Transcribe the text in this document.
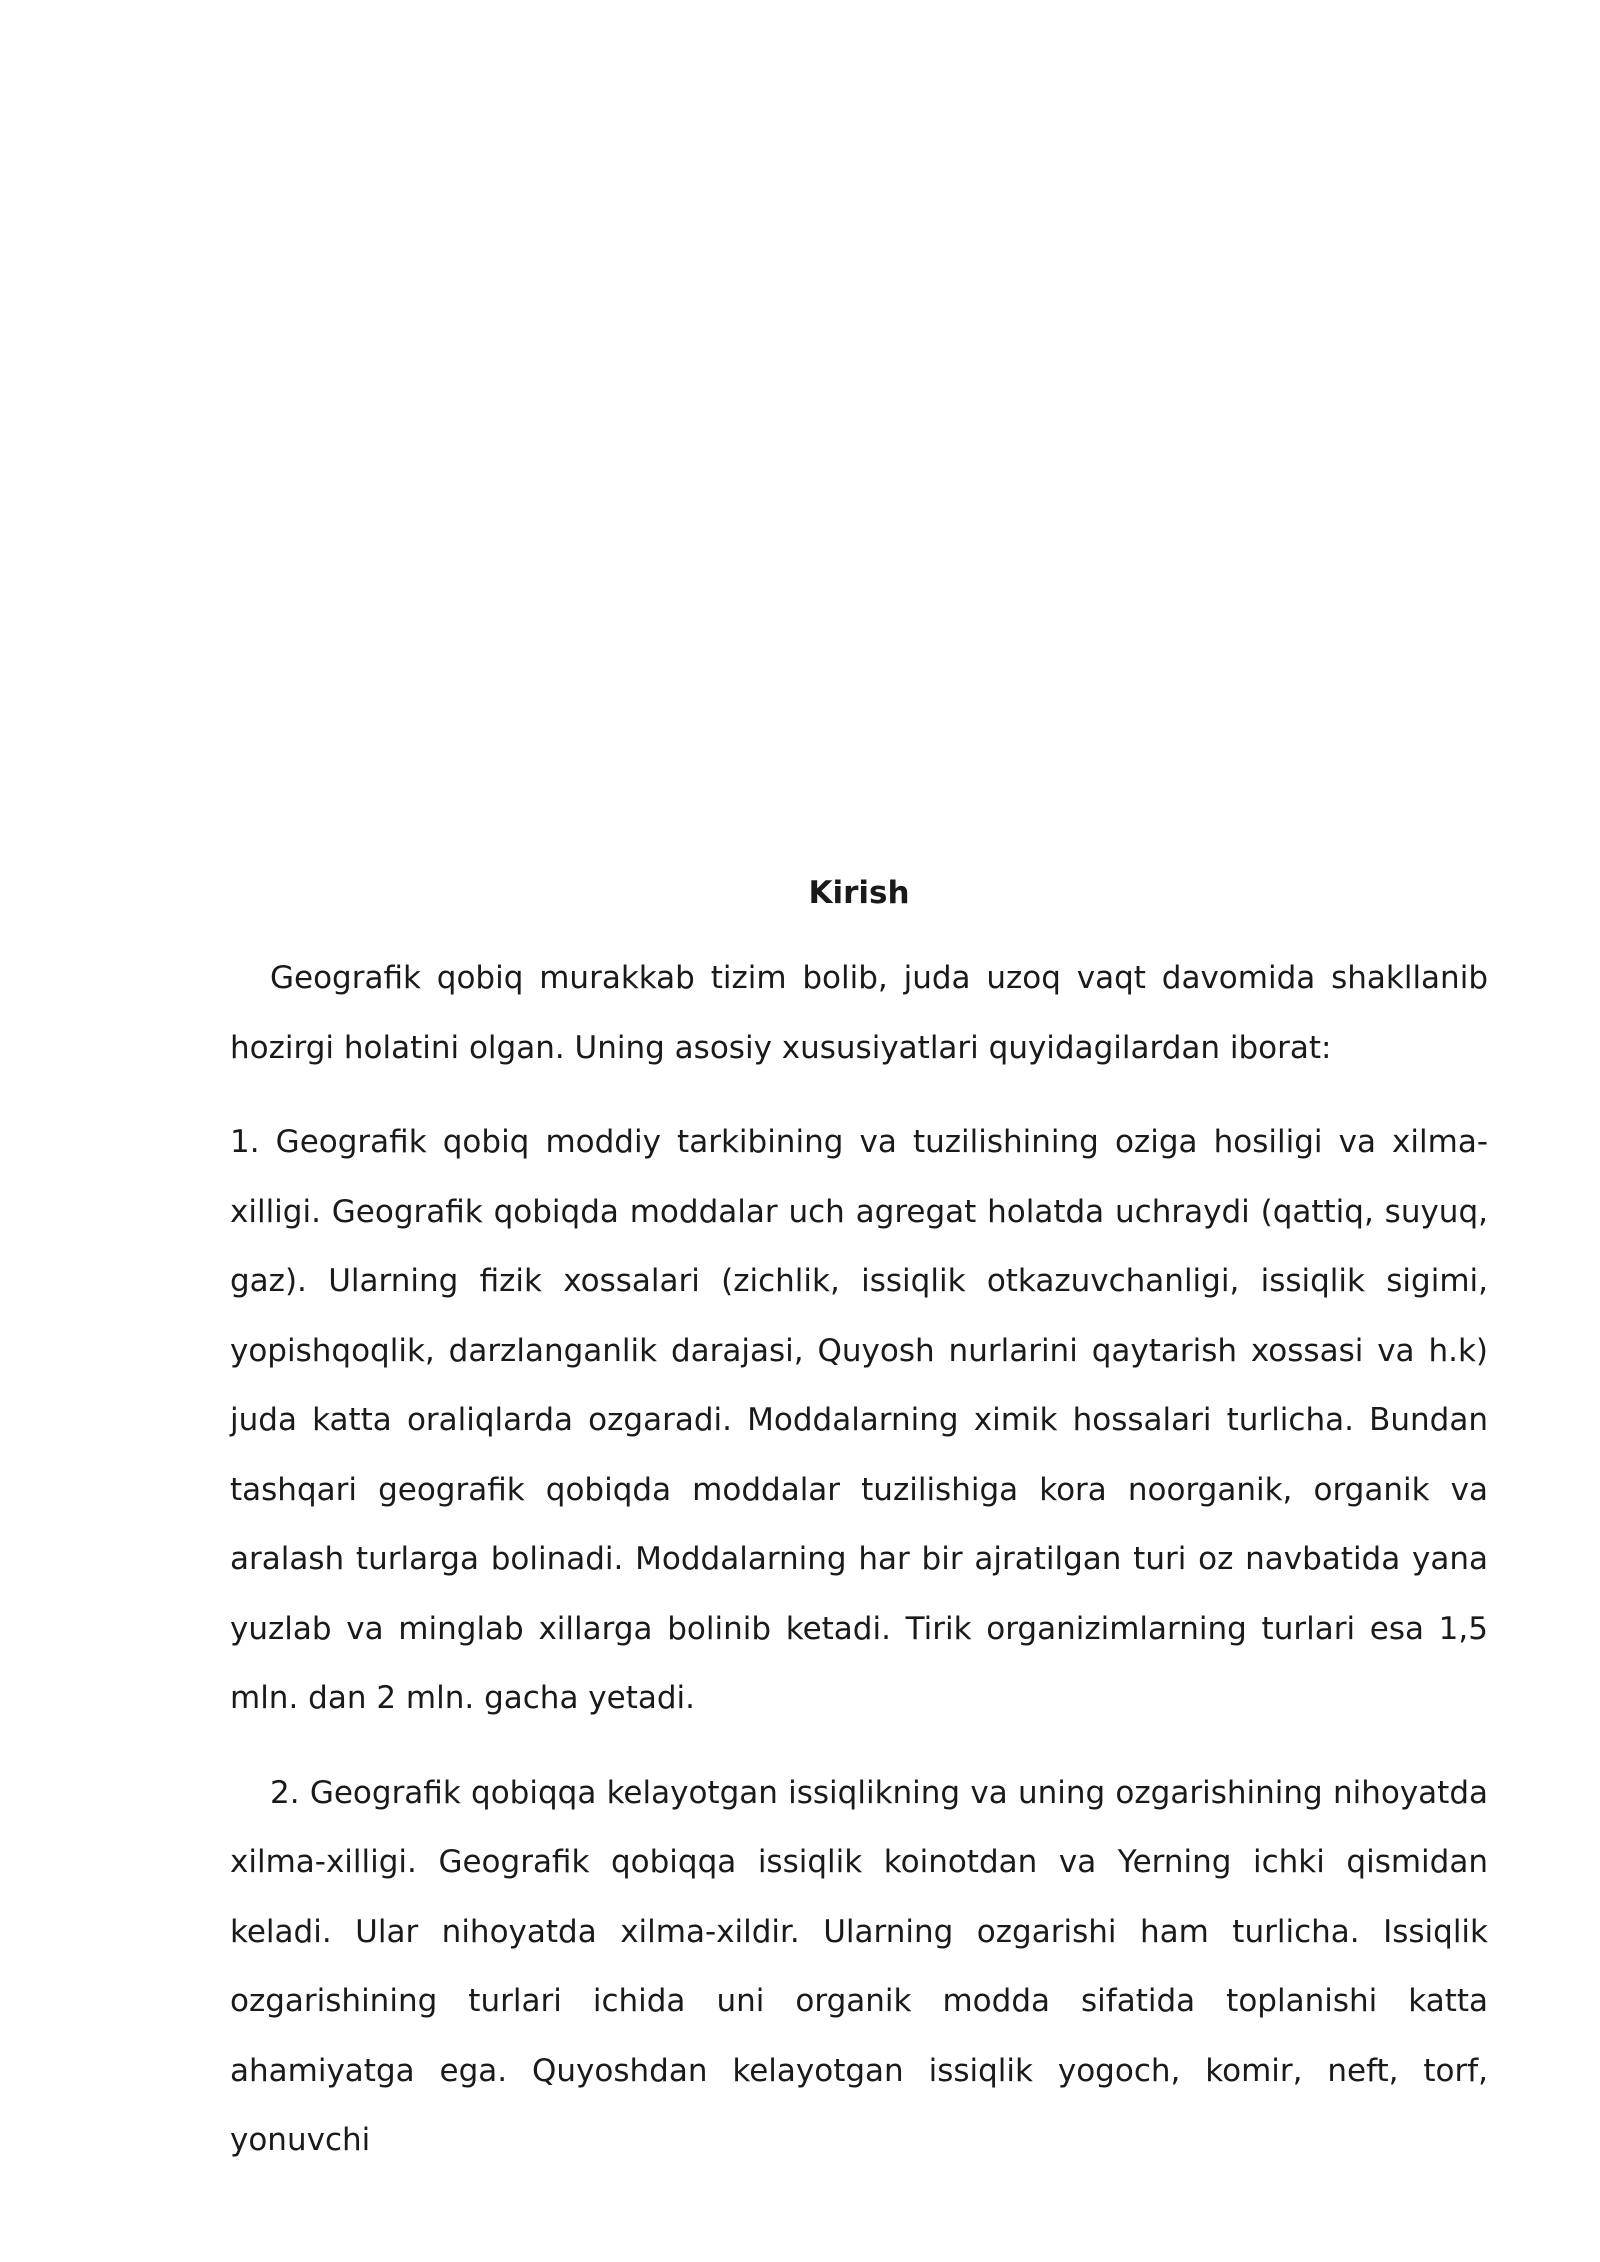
Kirish

Geografik qobiq murakkab tizim bolib, juda uzoq vaqt davomida shakllanib hozirgi holatini olgan. Uning asosiy xususiyatlari quyidagilardan iborat:

1. Geografik qobiq moddiy tarkibining va tuzilishining oziga hosiligi va xilma-xilligi. Geografik qobiqda moddalar uch agregat holatda uchraydi (qattiq, suyuq, gaz). Ularning fizik xossalari (zichlik, issiqlik otkazuvchanligi, issiqlik sigimi, yopishqoqlik, darzlanganlik darajasi, Quyosh nurlarini qaytarish xossasi va h.k) juda katta oraliqlarda ozgaradi. Moddalarning ximik hossalari turlicha. Bundan tashqari geografik qobiqda moddalar tuzilishiga kora noorganik, organik va aralash turlarga bolinadi. Moddalarning har bir ajratilgan turi oz navbatida yana yuzlab va minglab xillarga bolinib ketadi. Tirik organizimlarning turlari esa 1,5 mln. dan 2 mln. gacha yetadi.

2. Geografik qobiqqa kelayotgan issiqlikning va uning ozgarishining nihoyatda xilma-xilligi. Geografik qobiqqa issiqlik koinotdan va Yerning ichki qismidan keladi. Ular nihoyatda xilma-xildir. Ularning ozgarishi ham turlicha. Issiqlik ozgarishining turlari ichida uni organik modda sifatida toplanishi katta ahamiyatga ega. Quyoshdan kelayotgan issiqlik yogoch, komir, neft, torf, yonuvchi
